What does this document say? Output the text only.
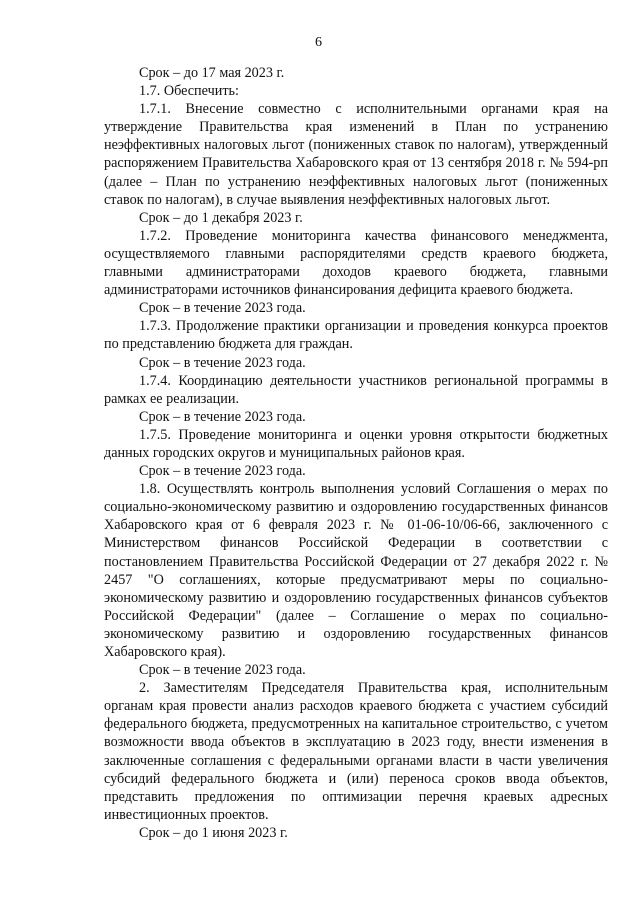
6

Срок – до 17 мая 2023 г.

1.7. Обеспечить:

1.7.1. Внесение совместно с исполнительными органами края на утверждение Правительства края изменений в План по устранению неэффективных налоговых льгот (пониженных ставок по налогам), утвержденный распоряжением Правительства Хабаровского края от 13 сентября 2018 г. № 594-рп (далее – План по устранению неэффективных налоговых льгот (пониженных ставок по налогам), в случае выявления неэффективных налоговых льгот.

Срок – до 1 декабря 2023 г.

1.7.2. Проведение мониторинга качества финансового менеджмента, осуществляемого главными распорядителями средств краевого бюджета, главными администраторами доходов краевого бюджета, главными администраторами источников финансирования дефицита краевого бюджета.

Срок – в течение 2023 года.

1.7.3. Продолжение практики организации и проведения конкурса проектов по представлению бюджета для граждан.

Срок – в течение 2023 года.

1.7.4. Координацию деятельности участников региональной программы в рамках ее реализации.

Срок – в течение 2023 года.

1.7.5. Проведение мониторинга и оценки уровня открытости бюджетных данных городских округов и муниципальных районов края.

Срок – в течение 2023 года.

1.8. Осуществлять контроль выполнения условий Соглашения о мерах по социально-экономическому развитию и оздоровлению государственных финансов Хабаровского края от 6 февраля 2023 г. № 01-06-10/06-66, заключенного с Министерством финансов Российской Федерации в соответствии с постановлением Правительства Российской Федерации от 27 декабря 2022 г. № 2457 "О соглашениях, которые предусматривают меры по социально-экономическому развитию и оздоровлению государственных финансов субъектов Российской Федерации" (далее – Соглашение о мерах по социально-экономическому развитию и оздоровлению государственных финансов Хабаровского края).

Срок – в течение 2023 года.

2. Заместителям Председателя Правительства края, исполнительным органам края провести анализ расходов краевого бюджета с участием субсидий федерального бюджета, предусмотренных на капитальное строительство, с учетом возможности ввода объектов в эксплуатацию в 2023 году, внести изменения в заключенные соглашения с федеральными органами власти в части увеличения субсидий федерального бюджета и (или) переноса сроков ввода объектов, представить предложения по оптимизации перечня краевых адресных инвестиционных проектов.

Срок – до 1 июня 2023 г.
